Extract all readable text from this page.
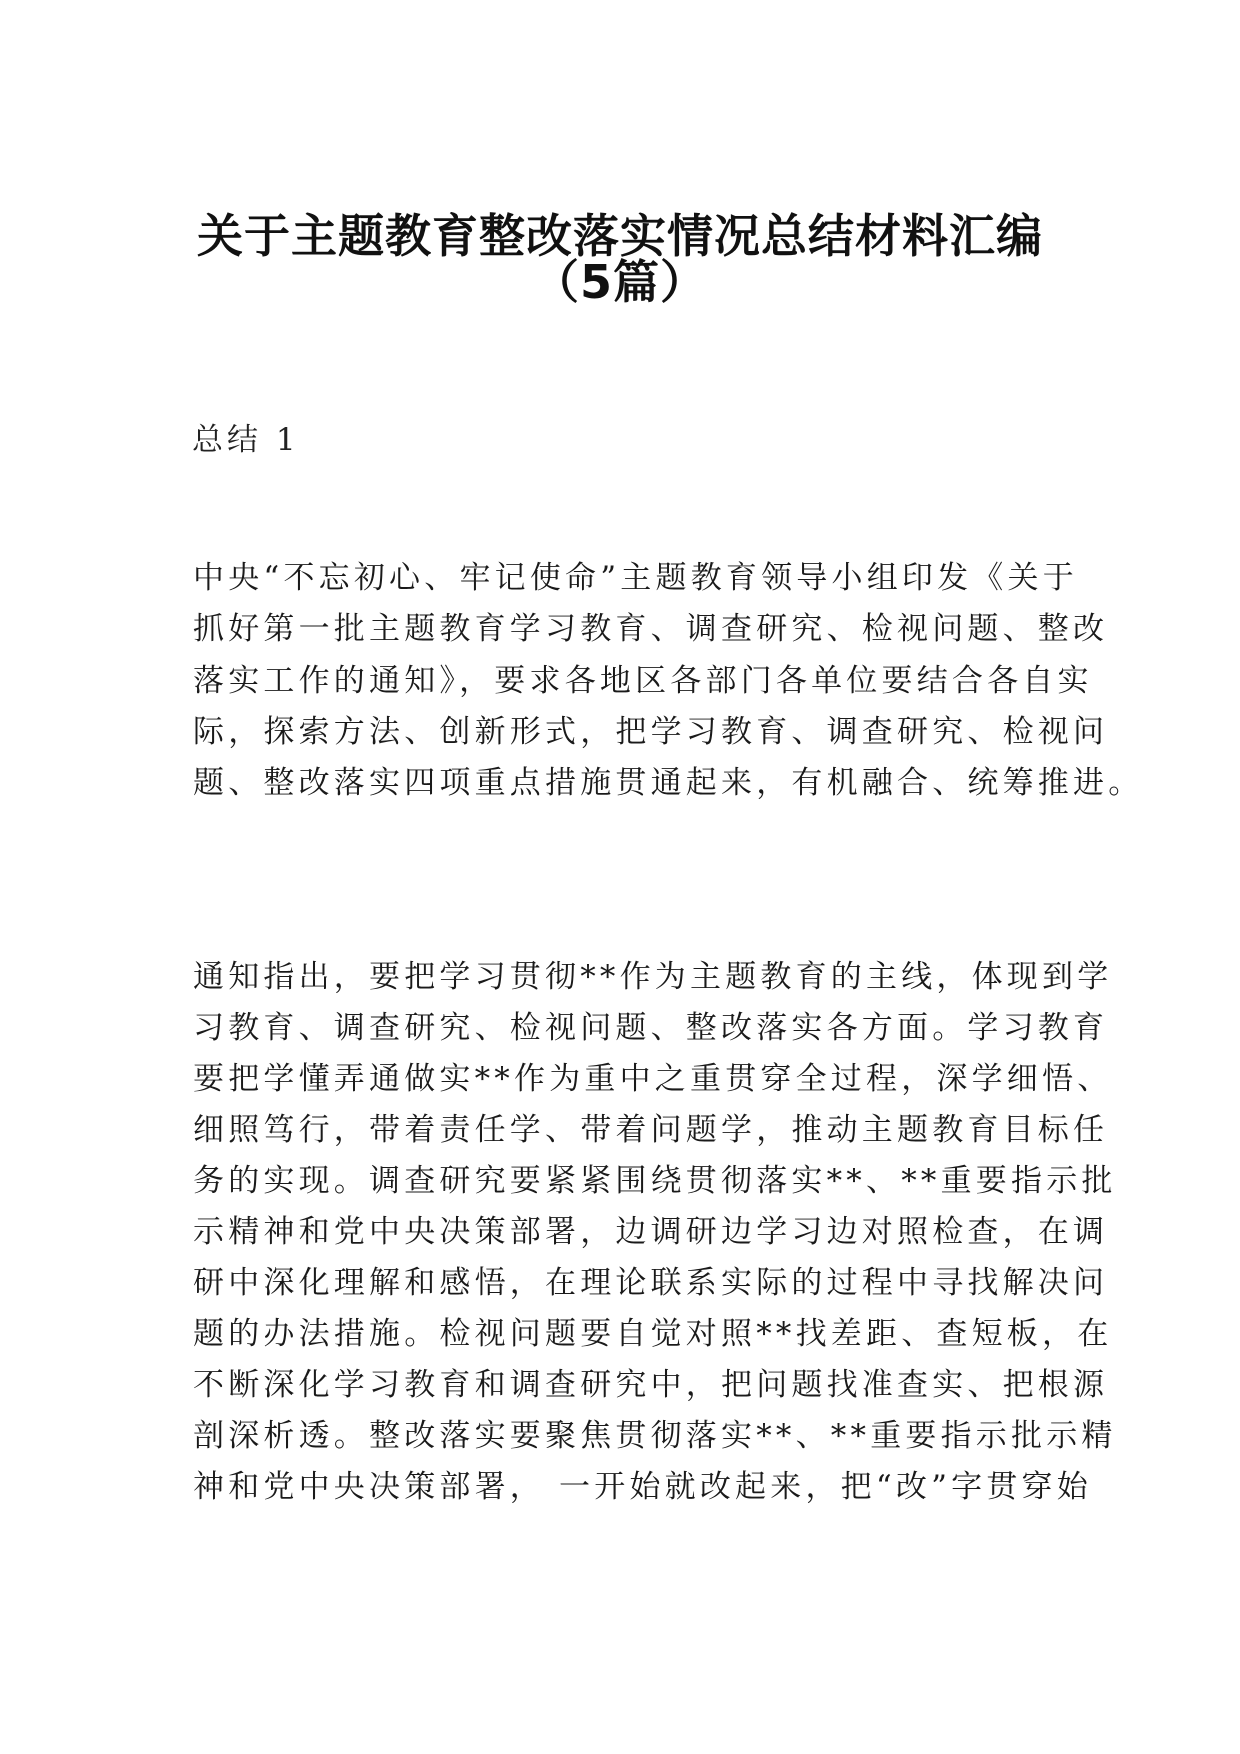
关于主题教育整改落实情况总结材料汇编
（5篇）
总结 1
中央“不忘初心、牢记使命”主题教育领导小组印发《关于
抓好第一批主题教育学习教育、调查研究、检视问题、整改
落实工作的通知》，要求各地区各部门各单位要结合各自实
际，探索方法、创新形式，把学习教育、调查研究、检视问
题、整改落实四项重点措施贯通起来，有机融合、统筹推进。
通知指出，要把学习贯彻**作为主题教育的主线，体现到学
习教育、调查研究、检视问题、整改落实各方面。学习教育
要把学懂弄通做实**作为重中之重贯穿全过程，深学细悟、
细照笃行，带着责任学、带着问题学，推动主题教育目标任
务的实现。调查研究要紧紧围绕贯彻落实**、**重要指示批
示精神和党中央决策部署，边调研边学习边对照检查，在调
研中深化理解和感悟，在理论联系实际的过程中寻找解决问
题的办法措施。检视问题要自觉对照**找差距、查短板，在
不断深化学习教育和调查研究中，把问题找准查实、把根源
剖深析透。整改落实要聚焦贯彻落实**、**重要指示批示精
神和党中央决策部署， 一开始就改起来，把“改”字贯穿始
